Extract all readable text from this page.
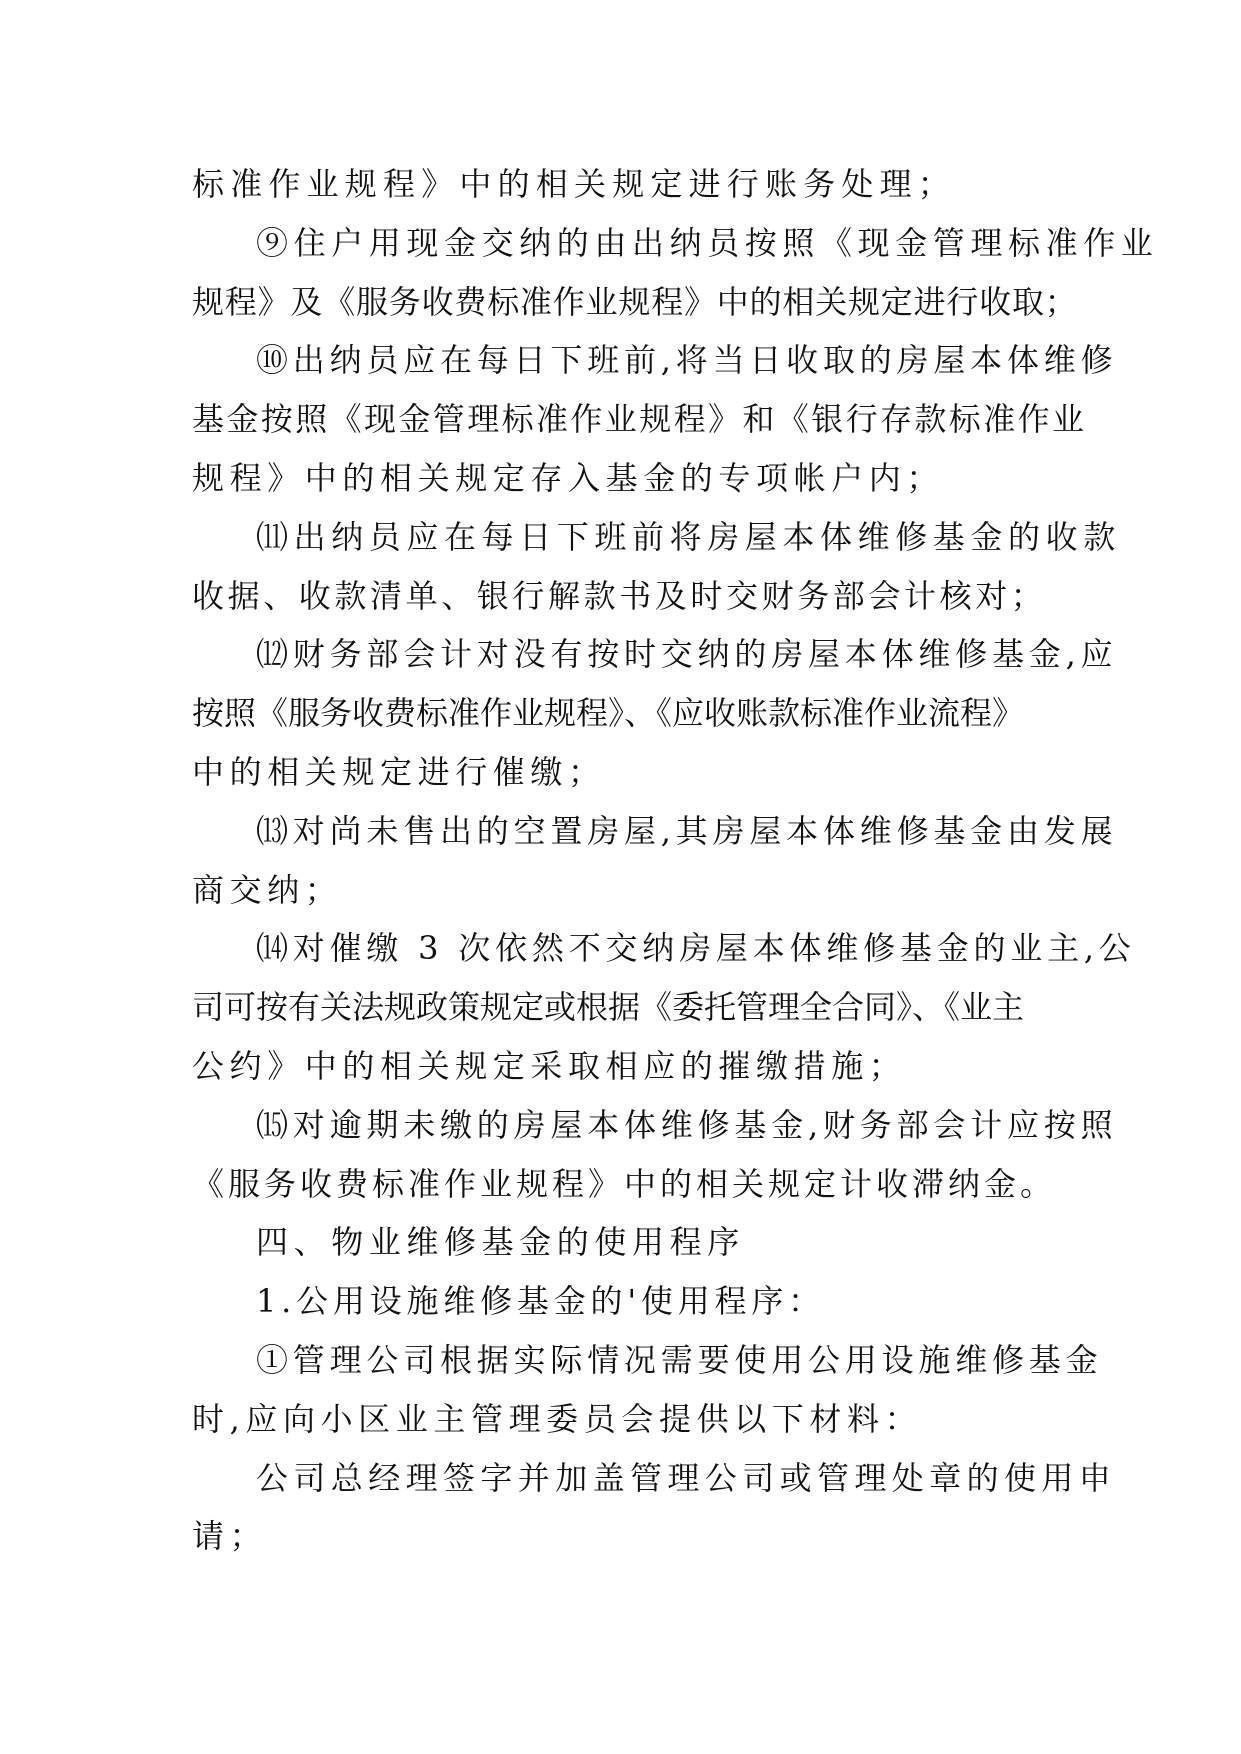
标准作业规程》中的相关规定进行账务处理；

⑨住户用现金交纳的由出纳员按照《现金管理标准作业

规程》及《服务收费标准作业规程》中的相关规定进行收取；

⑩出纳员应在每日下班前,将当日收取的房屋本体维修

基金按照《现金管理标准作业规程》和《银行存款标准作业

规程》中的相关规定存入基金的专项帐户内；

⑾出纳员应在每日下班前将房屋本体维修基金的收款

收据、收款清单、银行解款书及时交财务部会计核对；

⑿财务部会计对没有按时交纳的房屋本体维修基金,应

按照《服务收费标准作业规程》、《应收账款标准作业流程》

中的相关规定进行催缴；

⒀对尚未售出的空置房屋,其房屋本体维修基金由发展

商交纳；

⒁对催缴 3 次依然不交纳房屋本体维修基金的业主,公

司可按有关法规政策规定或根据《委托管理全合同》、《业主

公约》中的相关规定采取相应的摧缴措施；

⒂对逾期未缴的房屋本体维修基金,财务部会计应按照

《服务收费标准作业规程》中的相关规定计收滞纳金。

四、物业维修基金的使用程序

1.公用设施维修基金的'使用程序：

①管理公司根据实际情况需要使用公用设施维修基金

时,应向小区业主管理委员会提供以下材料：

公司总经理签字并加盖管理公司或管理处章的使用申

请；
